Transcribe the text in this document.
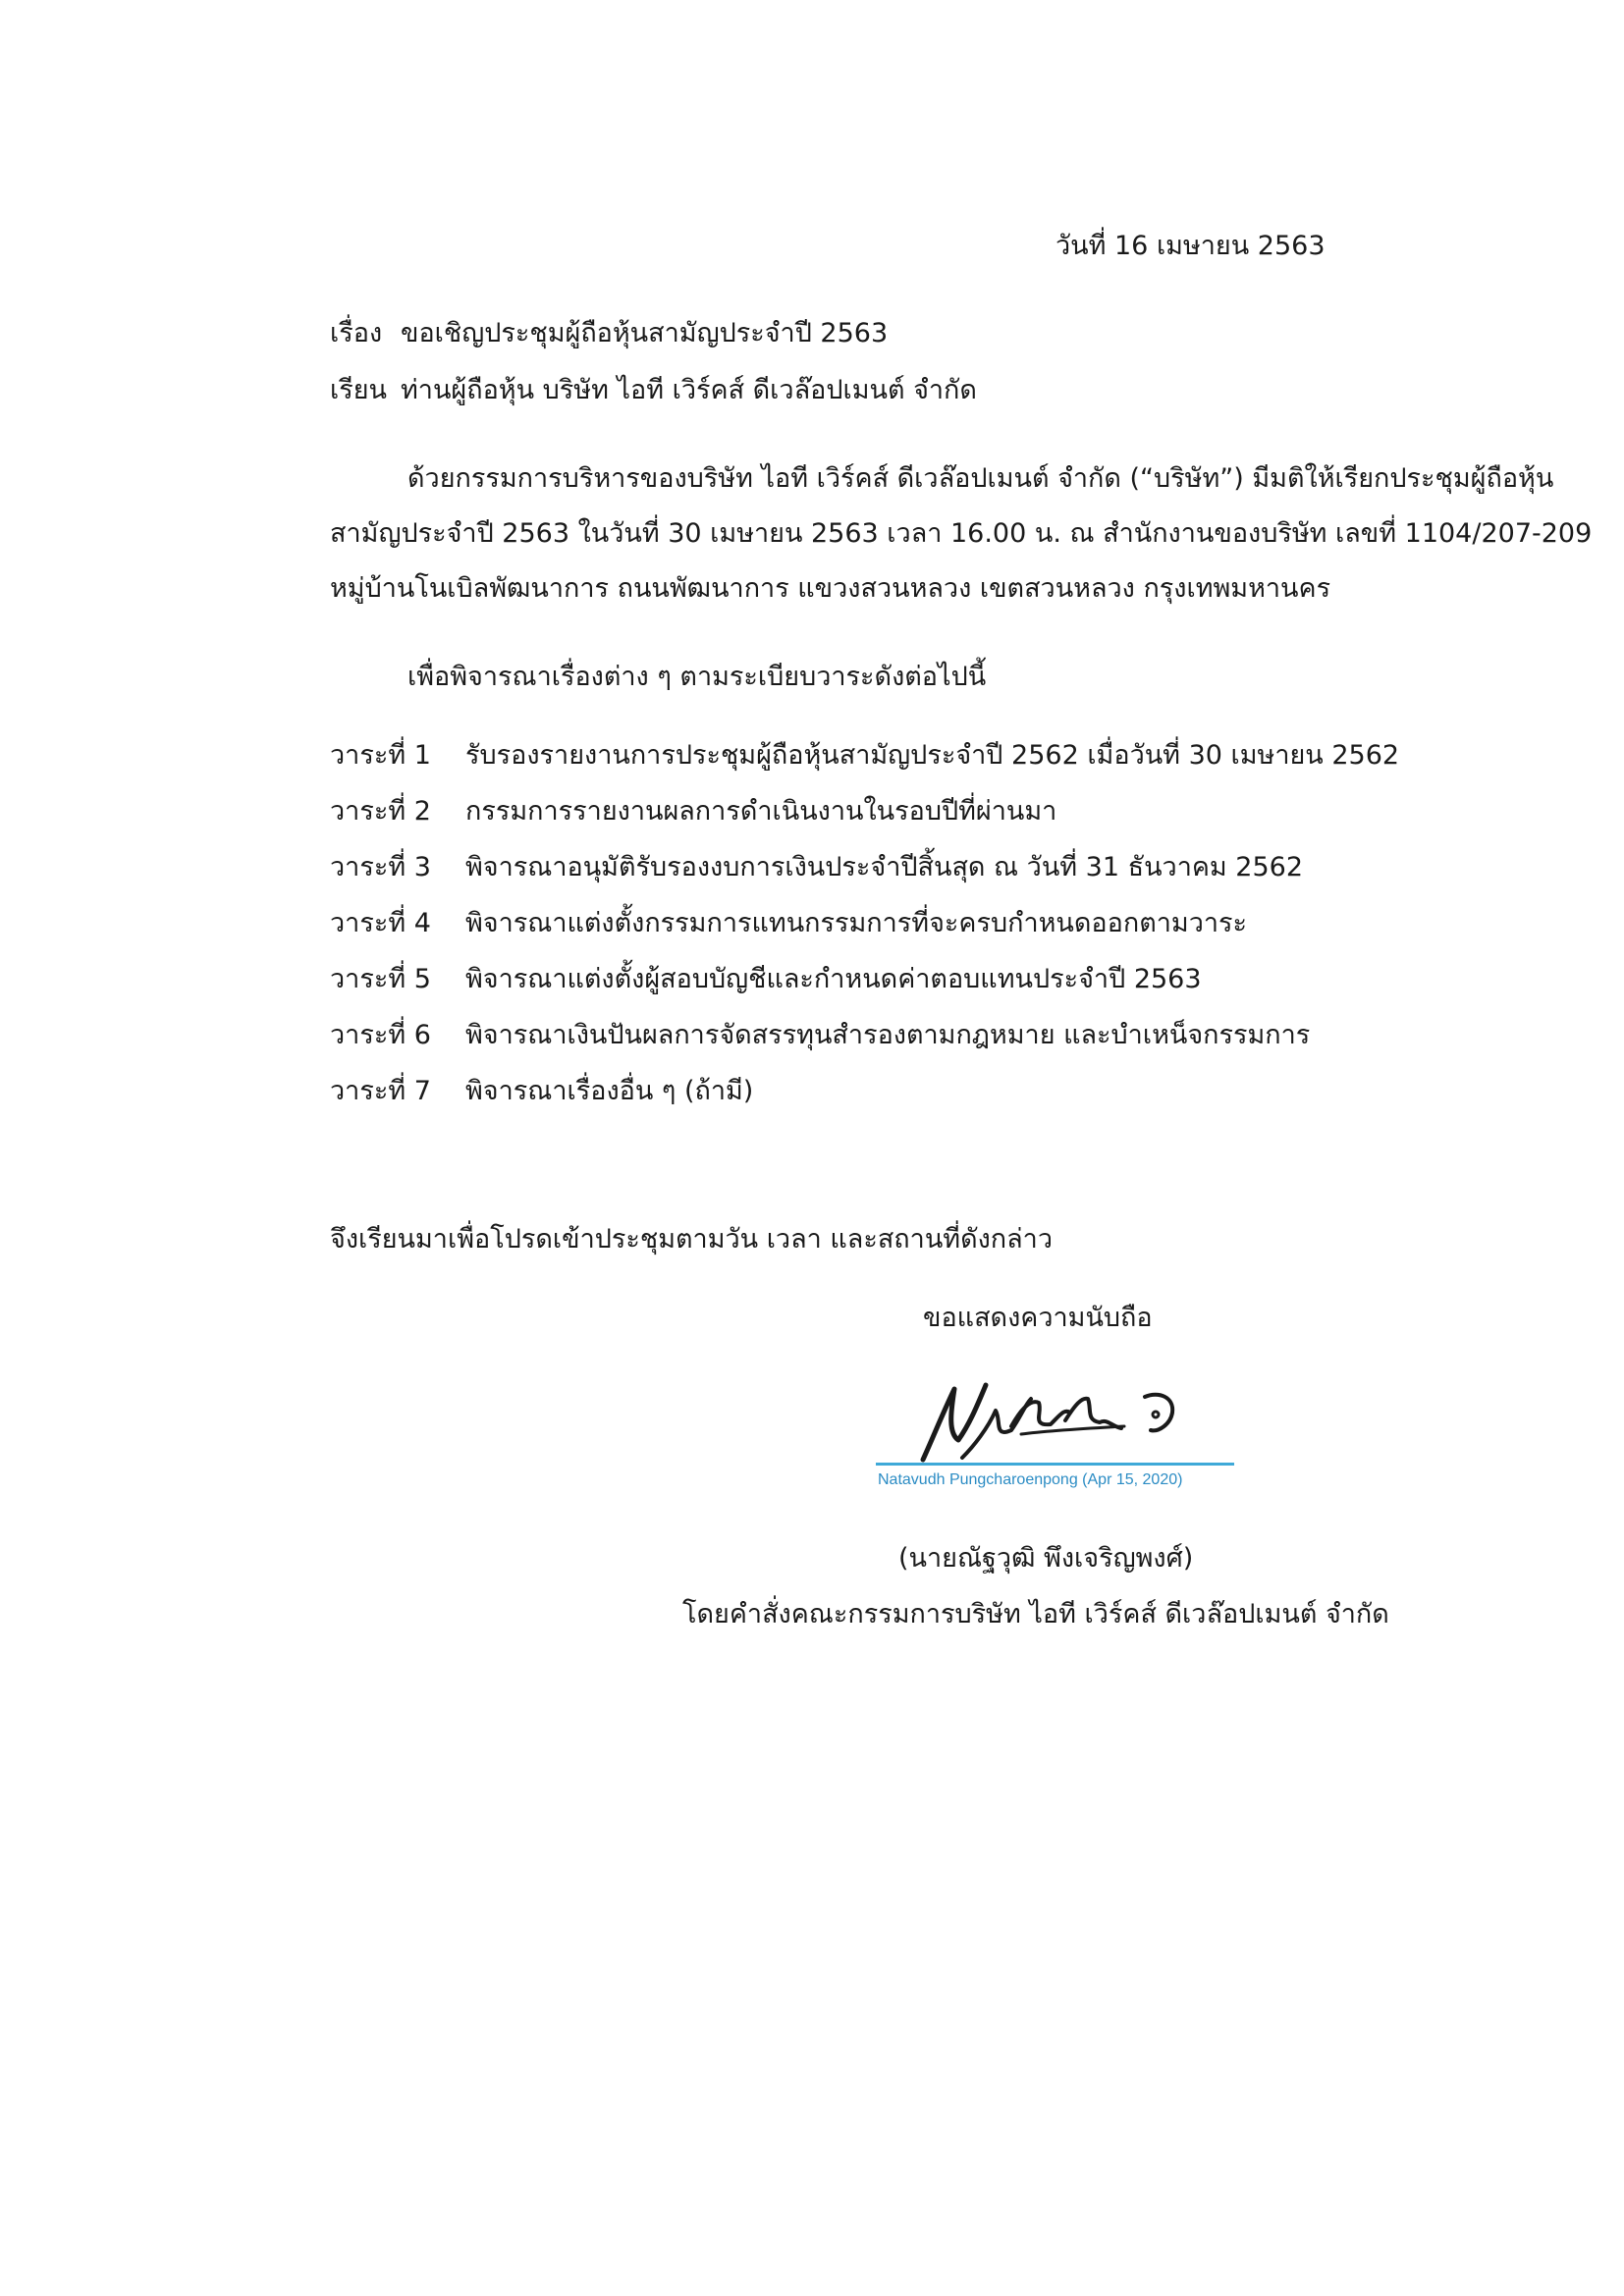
วันที่ 16 เมษายน 2563
เรื่อง ขอเชิญประชุมผู้ถือหุ้นสามัญประจำปี 2563
เรียน ท่านผู้ถือหุ้น บริษัท ไอที เวิร์คส์ ดีเวล๊อปเมนต์ จำกัด
ด้วยกรรมการบริหารของบริษัท ไอที เวิร์คส์ ดีเวล๊อปเมนต์ จำกัด (“บริษัท”) มีมติให้เรียกประชุมผู้ถือหุ้น
สามัญประจำปี 2563 ในวันที่ 30 เมษายน 2563 เวลา 16.00 น. ณ สำนักงานของบริษัท เลขที่ 1104/207-209
หมู่บ้านโนเบิลพัฒนาการ ถนนพัฒนาการ แขวงสวนหลวง เขตสวนหลวง กรุงเทพมหานคร
เพื่อพิจารณาเรื่องต่าง ๆ ตามระเบียบวาระดังต่อไปนี้
วาระที่ 1	รับรองรายงานการประชุมผู้ถือหุ้นสามัญประจำปี 2562 เมื่อวันที่ 30 เมษายน 2562
วาระที่ 2	กรรมการรายงานผลการดำเนินงานในรอบปีที่ผ่านมา
วาระที่ 3	พิจารณาอนุมัติรับรองงบการเงินประจำปีสิ้นสุด ณ วันที่ 31 ธันวาคม 2562
วาระที่ 4	พิจารณาแต่งตั้งกรรมการแทนกรรมการที่จะครบกำหนดออกตามวาระ
วาระที่ 5	พิจารณาแต่งตั้งผู้สอบบัญชีและกำหนดค่าตอบแทนประจำปี 2563
วาระที่ 6	พิจารณาเงินปันผลการจัดสรรทุนสำรองตามกฎหมาย และบำเหน็จกรรมการ
วาระที่ 7	พิจารณาเรื่องอื่น ๆ (ถ้ามี)
จึงเรียนมาเพื่อโปรดเข้าประชุมตามวัน เวลา และสถานที่ดังกล่าว
ขอแสดงความนับถือ
Natavudh Pungcharoenpong (Apr 15, 2020)
(นายณัฐวุฒิ พึงเจริญพงศ์)
โดยคำสั่งคณะกรรมการบริษัท ไอที เวิร์คส์ ดีเวล๊อปเมนต์ จำกัด
